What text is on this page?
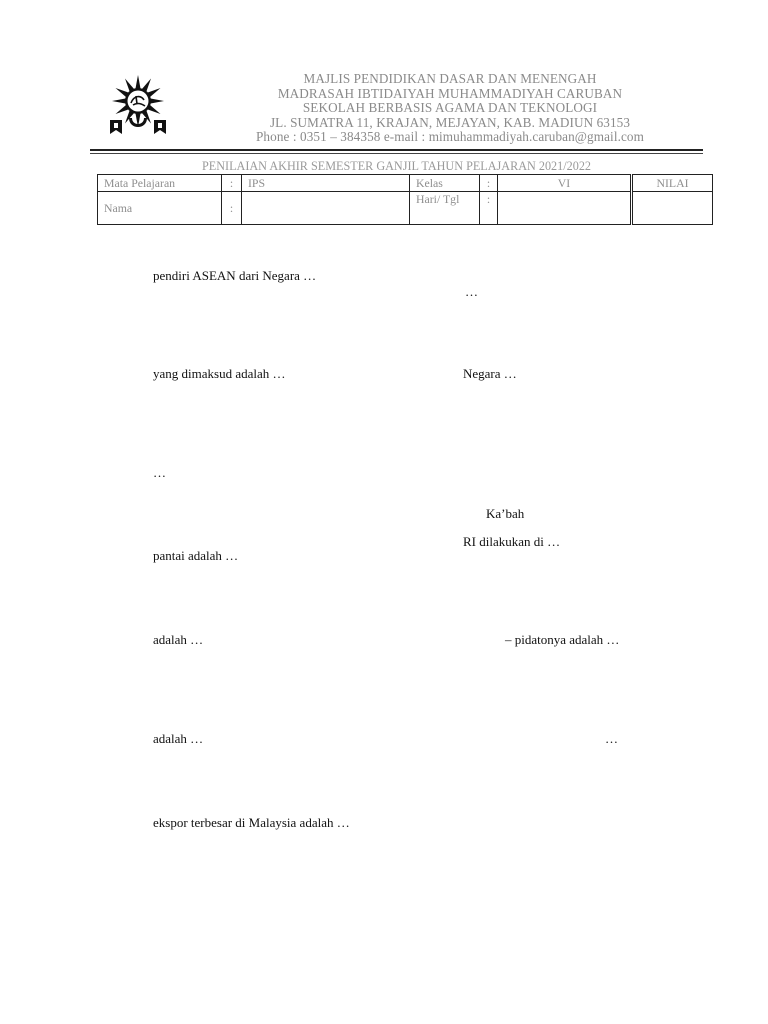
MAJLIS PENDIDIKAN DASAR DAN MENENGAH
MADRASAH IBTIDAIYAH MUHAMMADIYAH CARUBAN
SEKOLAH BERBASIS AGAMA DAN TEKNOLOGI
JL. SUMATRA 11, KRAJAN, MEJAYAN, KAB. MADIUN 63153
Phone : 0351 – 384358 e-mail : mimuhammadiyah.caruban@gmail.com
PENILAIAN AKHIR SEMESTER GANJIL TAHUN PELAJARAN 2021/2022
Mata Pelajaran	:	IPS	Kelas	:	VI	NILAI
Nama	:		Hari/ Tgl	:		
pendiri ASEAN dari Negara …
…
yang dimaksud adalah …	Negara …
…
Ka’bah
RI dilakukan di …
pantai adalah …
adalah …	– pidatonya adalah …
adalah …	…
ekspor terbesar di Malaysia adalah …
